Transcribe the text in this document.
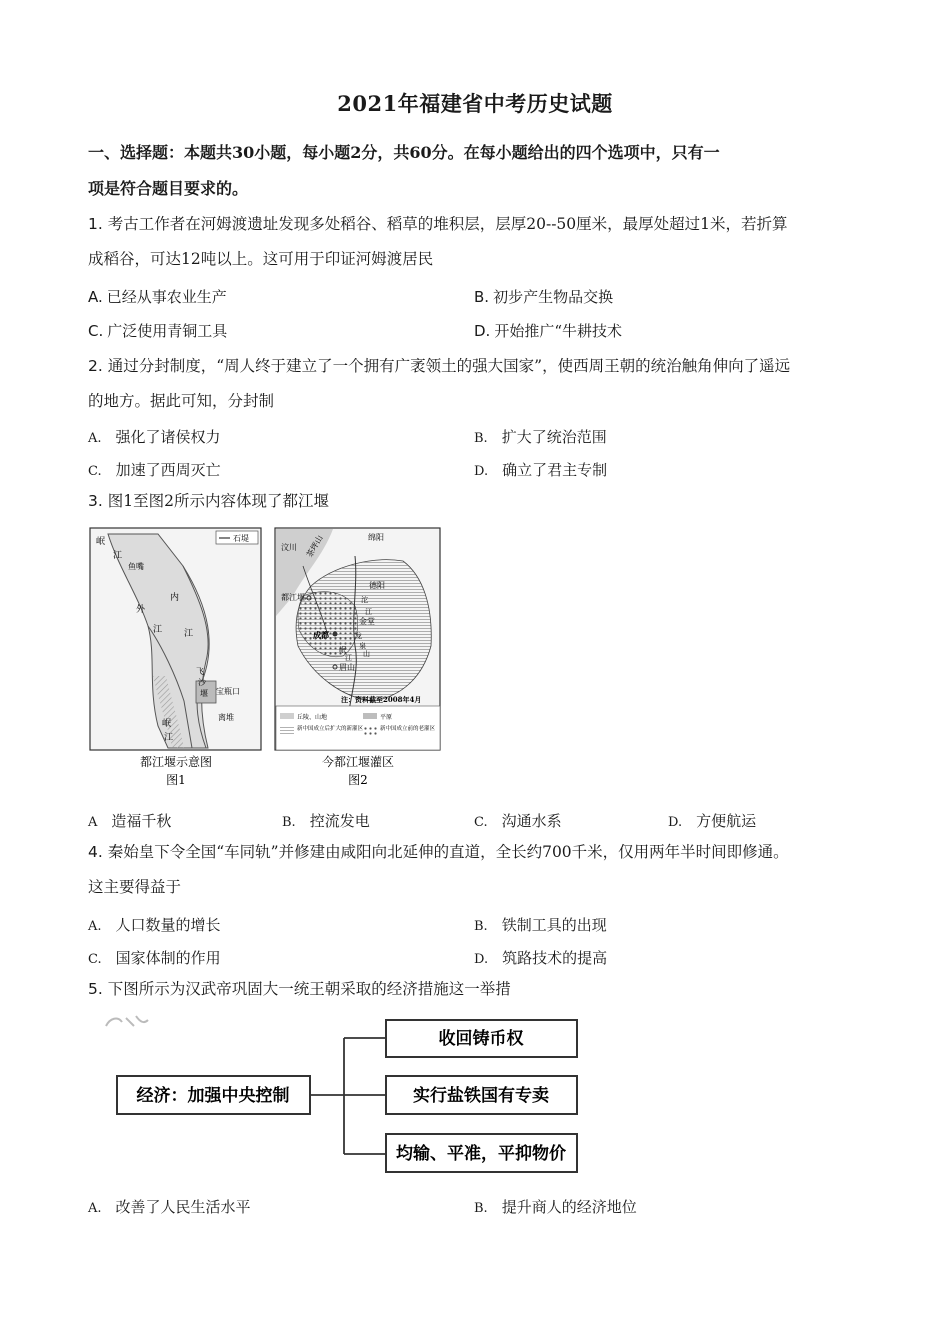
2021年福建省中考历史试题
一、选择题：本题共30小题，每小题2分，共60分。在每小题给出的四个选项中，只有一
项是符合题目要求的。
1. 考古工作者在河姆渡遗址发现多处稻谷、稻草的堆积层，层厚20--50厘米，最厚处超过1米，若折算
成稻谷，可达12吨以上。这可用于印证河姆渡居民
A. 已经从事农业生产	B. 初步产生物品交换
C. 广泛使用青铜工具	D. 开始推广“牛耕技术
2. 通过分封制度，“周人终于建立了一个拥有广袤领土的强大国家”，使西周王朝的统治触角伸向了遥远
的地方。据此可知，分封制
A. 强化了诸侯权力	B. 扩大了统治范围
C. 加速了西周灭亡	D. 确立了君主专制
3. 图1至图2所示内容体现了都江堰
石堤
岷
江
鱼嘴
外
江
内
江
飞
沙
堰 宝瓶口
离堆
岷
江
都江堰示意图
图1
丘陵、山地	平原
新中国成立后扩大的新灌区	新中国成立前的老灌区
注：资料截至2008年4月
绵阳
汶川 茶坪山
德阳
都江堰
金堂
成都
眉山
沱
江
岷
江
龙
泉
山
今都江堰灌区
图2
A 造福千秋	B. 控流发电	C. 沟通水系	D. 方便航运
4. 秦始皇下令全国“车同轨”并修建由咸阳向北延伸的直道，全长约700千米，仅用两年半时间即修通。
这主要得益于
A. 人口数量的增长	B. 铁制工具的出现
C. 国家体制的作用	D. 筑路技术的提高
5. 下图所示为汉武帝巩固大一统王朝采取的经济措施这一举措
经济：加强中央控制
收回铸币权
实行盐铁国有专卖
均输、平准，平抑物价
A. 改善了人民生活水平	B. 提升商人的经济地位
